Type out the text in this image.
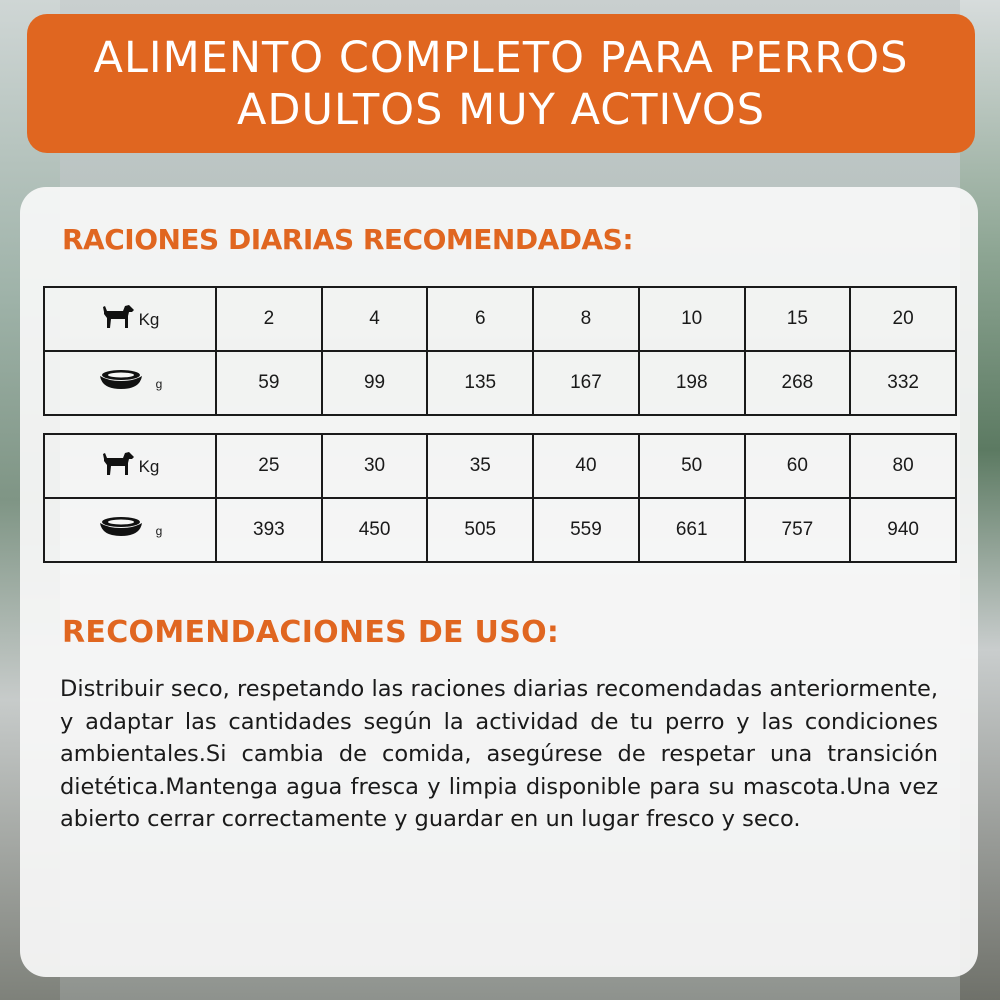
ALIMENTO COMPLETO PARA PERROS
ADULTOS MUY ACTIVOS
RACIONES DIARIAS RECOMENDADAS:
Kg	2	4	6	8	10	15	20

g	59	99	135	167	198	268	332
Kg	25	30	35	40	50	60	80

g	393	450	505	559	661	757	940
RECOMENDACIONES DE USO:
Distribuir seco, respetando las raciones diarias recomendadas anteriormente, y adaptar las cantidades según la actividad de tu perro y las condiciones ambientales.Si cambia de comida, asegúrese de respetar una transición dietética.Mantenga agua fresca y limpia disponible para su mascota.Una vez abierto cerrar correctamente y guardar en un lugar fresco y seco.
